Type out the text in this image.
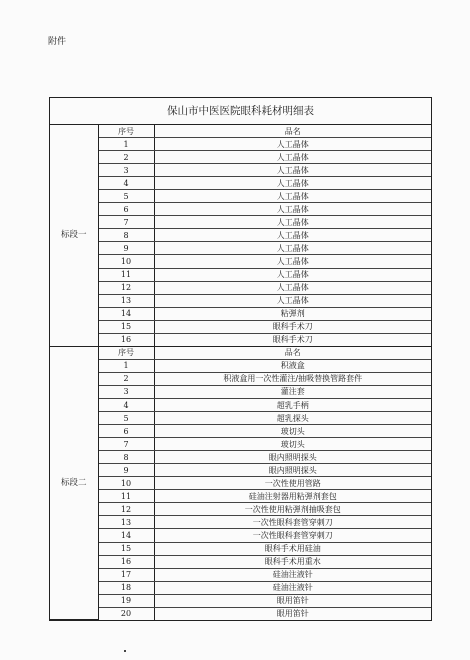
附件
保山市中医医院眼科耗材明细表
标段一	序号	品名
	1	人工晶体
	2	人工晶体
	3	人工晶体
	4	人工晶体
	5	人工晶体
	6	人工晶体
	7	人工晶体
	8	人工晶体
	9	人工晶体
	10	人工晶体
	11	人工晶体
	12	人工晶体
	13	人工晶体
	14	粘弹剂
	15	眼科手术刀
	16	眼科手术刀
标段二	序号	品名
	1	积液盒
	2	积液盒用一次性灌注/抽吸替换管路套件
	3	灌注套
	4	超乳手柄
	5	超乳探头
	6	玻切头
	7	玻切头
	8	眼内照明探头
	9	眼内照明探头
	10	一次性使用管路
	11	硅油注射器用粘弹剂套包
	12	一次性使用粘弹剂抽吸套包
	13	一次性眼科套管穿刺刀
	14	一次性眼科套管穿刺刀
	15	眼科手术用硅油
	16	眼科手术用重水
	17	硅油注液针
	18	硅油注液针
	19	眼用笛针
	20	眼用笛针
